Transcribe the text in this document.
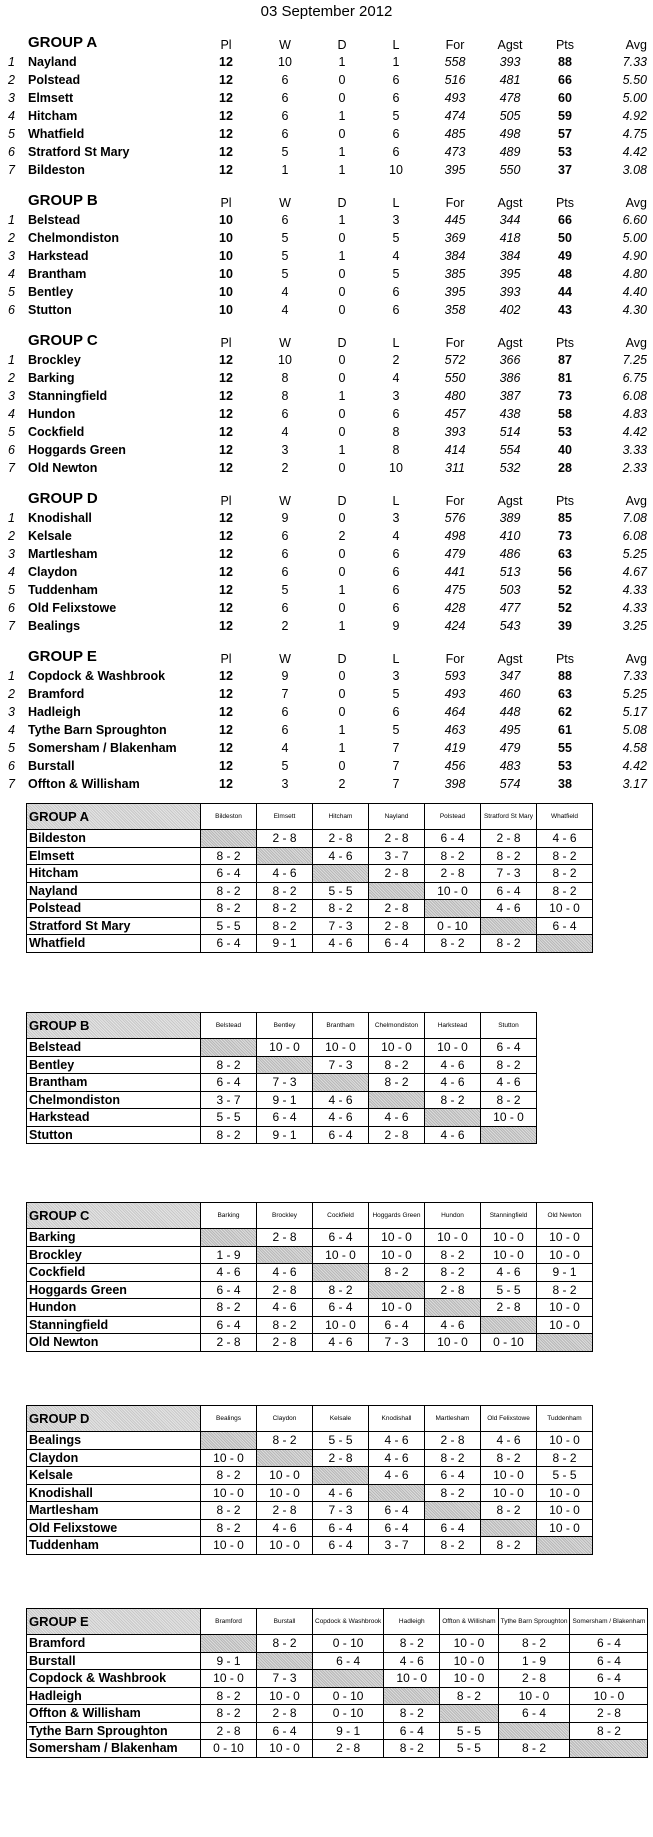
03 September 2012
GROUP A	Pl	W	D	L	For	Agst	Pts	Avg
1	Nayland	12	10	1	1	558	393	88	7.33
2	Polstead	12	6	0	6	516	481	66	5.50
3	Elmsett	12	6	0	6	493	478	60	5.00
4	Hitcham	12	6	1	5	474	505	59	4.92
5	Whatfield	12	6	0	6	485	498	57	4.75
6	Stratford St Mary	12	5	1	6	473	489	53	4.42
7	Bildeston	12	1	1	10	395	550	37	3.08
GROUP B	Pl	W	D	L	For	Agst	Pts	Avg
1	Belstead	10	6	1	3	445	344	66	6.60
2	Chelmondiston	10	5	0	5	369	418	50	5.00
3	Harkstead	10	5	1	4	384	384	49	4.90
4	Brantham	10	5	0	5	385	395	48	4.80
5	Bentley	10	4	0	6	395	393	44	4.40
6	Stutton	10	4	0	6	358	402	43	4.30
GROUP C	Pl	W	D	L	For	Agst	Pts	Avg
1	Brockley	12	10	0	2	572	366	87	7.25
2	Barking	12	8	0	4	550	386	81	6.75
3	Stanningfield	12	8	1	3	480	387	73	6.08
4	Hundon	12	6	0	6	457	438	58	4.83
5	Cockfield	12	4	0	8	393	514	53	4.42
6	Hoggards Green	12	3	1	8	414	554	40	3.33
7	Old Newton	12	2	0	10	311	532	28	2.33
GROUP D	Pl	W	D	L	For	Agst	Pts	Avg
1	Knodishall	12	9	0	3	576	389	85	7.08
2	Kelsale	12	6	2	4	498	410	73	6.08
3	Martlesham	12	6	0	6	479	486	63	5.25
4	Claydon	12	6	0	6	441	513	56	4.67
5	Tuddenham	12	5	1	6	475	503	52	4.33
6	Old Felixstowe	12	6	0	6	428	477	52	4.33
7	Bealings	12	2	1	9	424	543	39	3.25
GROUP E	Pl	W	D	L	For	Agst	Pts	Avg
1	Copdock & Washbrook	12	9	0	3	593	347	88	7.33
2	Bramford	12	7	0	5	493	460	63	5.25
3	Hadleigh	12	6	0	6	464	448	62	5.17
4	Tythe Barn Sproughton	12	6	1	5	463	495	61	5.08
5	Somersham / Blakenham	12	4	1	7	419	479	55	4.58
6	Burstall	12	5	0	7	456	483	53	4.42
7	Offton & Willisham	12	3	2	7	398	574	38	3.17
GROUP A	Bildeston	Elmsett	Hitcham	Nayland	Polstead	Stratford St Mary	Whatfield
Bildeston		2 - 8	2 - 8	2 - 8	6 - 4	2 - 8	4 - 6
Elmsett	8 - 2		4 - 6	3 - 7	8 - 2	8 - 2	8 - 2
Hitcham	6 - 4	4 - 6		2 - 8	2 - 8	7 - 3	8 - 2
Nayland	8 - 2	8 - 2	5 - 5		10 - 0	6 - 4	8 - 2
Polstead	8 - 2	8 - 2	8 - 2	2 - 8		4 - 6	10 - 0
Stratford St Mary	5 - 5	8 - 2	7 - 3	2 - 8	0 - 10		6 - 4
Whatfield	6 - 4	9 - 1	4 - 6	6 - 4	8 - 2	8 - 2	
GROUP B	Belstead	Bentley	Brantham	Chelmondiston	Harkstead	Stutton
Belstead		10 - 0	10 - 0	10 - 0	10 - 0	6 - 4
Bentley	8 - 2		7 - 3	8 - 2	4 - 6	8 - 2
Brantham	6 - 4	7 - 3		8 - 2	4 - 6	4 - 6
Chelmondiston	3 - 7	9 - 1	4 - 6		8 - 2	8 - 2
Harkstead	5 - 5	6 - 4	4 - 6	4 - 6		10 - 0
Stutton	8 - 2	9 - 1	6 - 4	2 - 8	4 - 6	
GROUP C	Barking	Brockley	Cockfield	Hoggards Green	Hundon	Stanningfield	Old Newton
Barking		2 - 8	6 - 4	10 - 0	10 - 0	10 - 0	10 - 0
Brockley	1 - 9		10 - 0	10 - 0	8 - 2	10 - 0	10 - 0
Cockfield	4 - 6	4 - 6		8 - 2	8 - 2	4 - 6	9 - 1
Hoggards Green	6 - 4	2 - 8	8 - 2		2 - 8	5 - 5	8 - 2
Hundon	8 - 2	4 - 6	6 - 4	10 - 0		2 - 8	10 - 0
Stanningfield	6 - 4	8 - 2	10 - 0	6 - 4	4 - 6		10 - 0
Old Newton	2 - 8	2 - 8	4 - 6	7 - 3	10 - 0	0 - 10	
GROUP D	Bealings	Claydon	Kelsale	Knodishall	Martlesham	Old Felixstowe	Tuddenham
Bealings		8 - 2	5 - 5	4 - 6	2 - 8	4 - 6	10 - 0
Claydon	10 - 0		2 - 8	4 - 6	8 - 2	8 - 2	8 - 2
Kelsale	8 - 2	10 - 0		4 - 6	6 - 4	10 - 0	5 - 5
Knodishall	10 - 0	10 - 0	4 - 6		8 - 2	10 - 0	10 - 0
Martlesham	8 - 2	2 - 8	7 - 3	6 - 4		8 - 2	10 - 0
Old Felixstowe	8 - 2	4 - 6	6 - 4	6 - 4	6 - 4		10 - 0
Tuddenham	10 - 0	10 - 0	6 - 4	3 - 7	8 - 2	8 - 2	
GROUP E	Bramford	Burstall	Copdock & Washbrook	Hadleigh	Offton & Willisham	Tythe Barn Sproughton	Somersham / Blakenham
Bramford		8 - 2	0 - 10	8 - 2	10 - 0	8 - 2	6 - 4
Burstall	9 - 1		6 - 4	4 - 6	10 - 0	1 - 9	6 - 4
Copdock & Washbrook	10 - 0	7 - 3		10 - 0	10 - 0	2 - 8	6 - 4
Hadleigh	8 - 2	10 - 0	0 - 10		8 - 2	10 - 0	10 - 0
Offton & Willisham	8 - 2	2 - 8	0 - 10	8 - 2		6 - 4	2 - 8
Tythe Barn Sproughton	2 - 8	6 - 4	9 - 1	6 - 4	5 - 5		8 - 2
Somersham / Blakenham	0 - 10	10 - 0	2 - 8	8 - 2	5 - 5	8 - 2	
